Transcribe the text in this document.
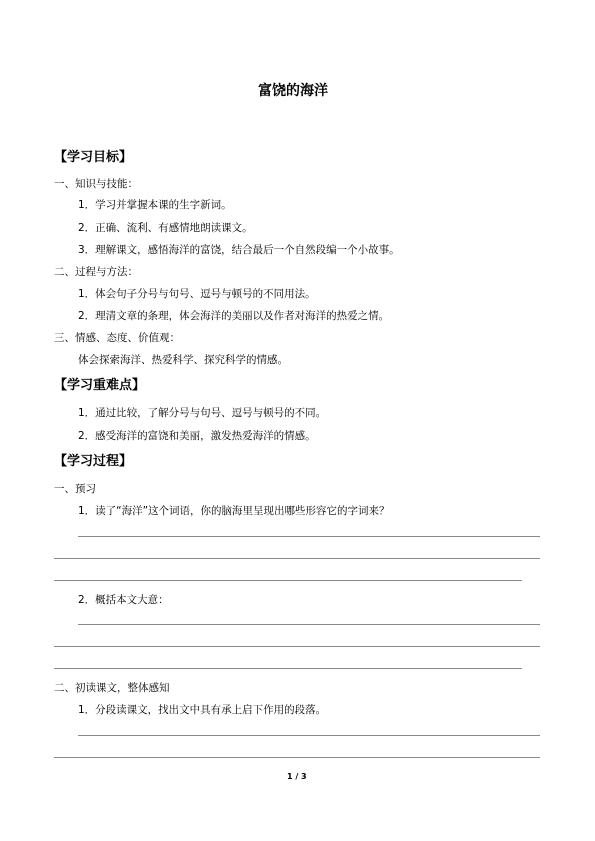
富饶的海洋
【学习目标】
一、知识与技能：
1．学习并掌握本课的生字新词。
2．正确、流利、有感情地朗读课文。
3．理解课文，感悟海洋的富饶，结合最后一个自然段编一个小故事。
二、过程与方法：
1．体会句子分号与句号、逗号与顿号的不同用法。
2．理清文章的条理，体会海洋的美丽以及作者对海洋的热爱之情。
三、情感、态度、价值观：
体会探索海洋、热爱科学、探究科学的情感。
【学习重难点】
1．通过比较，了解分号与句号、逗号与顿号的不同。
2．感受海洋的富饶和美丽，激发热爱海洋的情感。
【学习过程】
一、预习
1．读了“海洋”这个词语，你的脑海里呈现出哪些形容它的字词来？
2．概括本文大意：
二、初读课文，整体感知
1．分段读课文，找出文中具有承上启下作用的段落。
1 / 3
